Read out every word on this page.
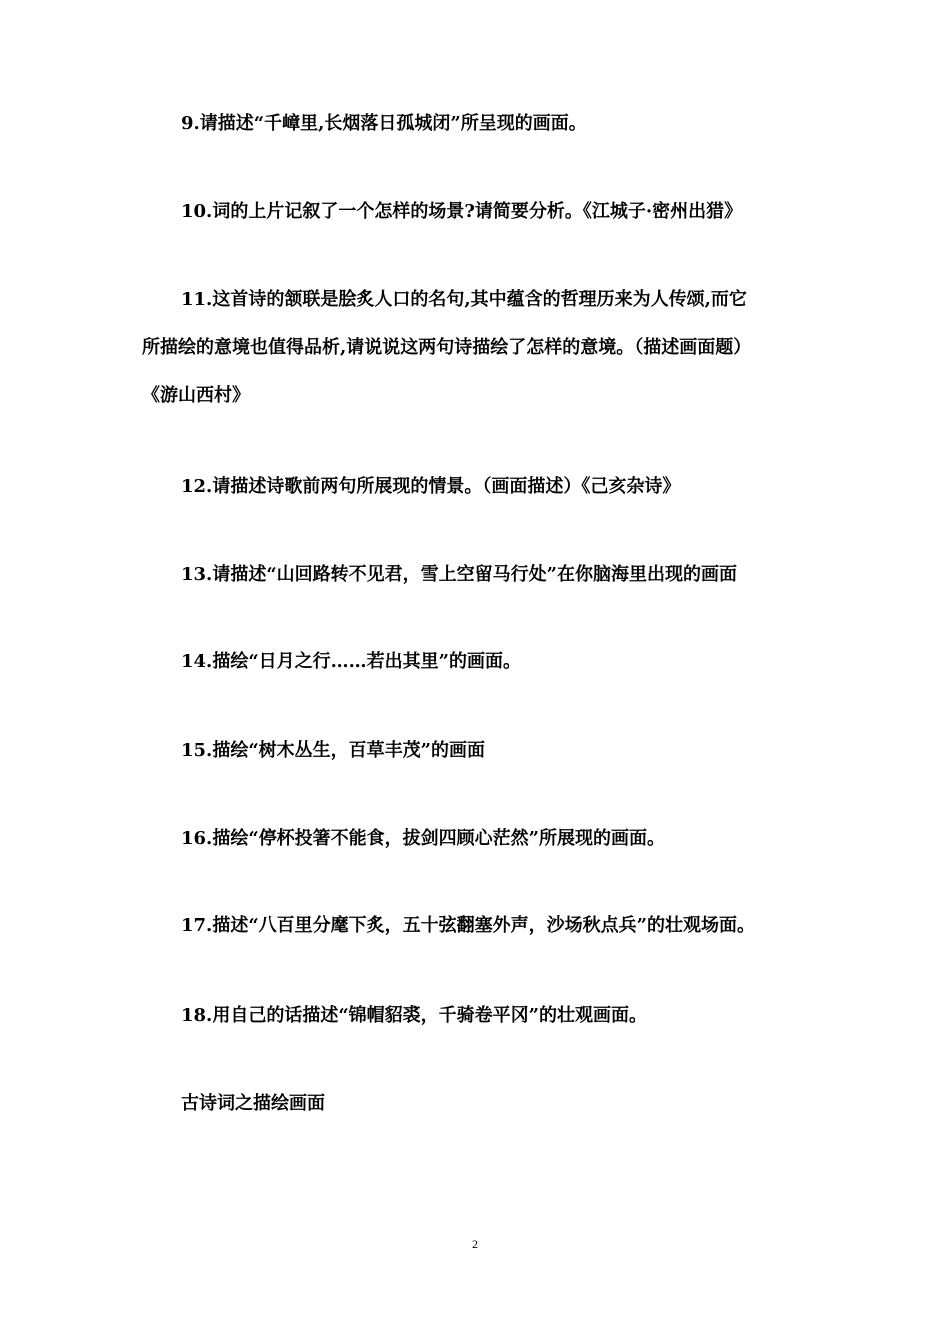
9.请描述“千嶂里,长烟落日孤城闭”所呈现的画面。
10.词的上片记叙了一个怎样的场景?请简要分析。《江城子·密州出猎》
11.这首诗的颔联是脍炙人口的名句,其中蕴含的哲理历来为人传颂,而它
所描绘的意境也值得品析,请说说这两句诗描绘了怎样的意境。（描述画面题）
《游山西村》
12.请描述诗歌前两句所展现的情景。（画面描述）《己亥杂诗》
13.请描述“山回路转不见君，雪上空留马行处”在你脑海里出现的画面
14.描绘“日月之行……若出其里”的画面。
15.描绘“树木丛生，百草丰茂”的画面
16.描绘“停杯投箸不能食，拔剑四顾心茫然”所展现的画面。
17.描述“八百里分麾下炙，五十弦翻塞外声，沙场秋点兵”的壮观场面。
18.用自己的话描述“锦帽貂裘，千骑卷平冈”的壮观画面。
古诗词之描绘画面
2
